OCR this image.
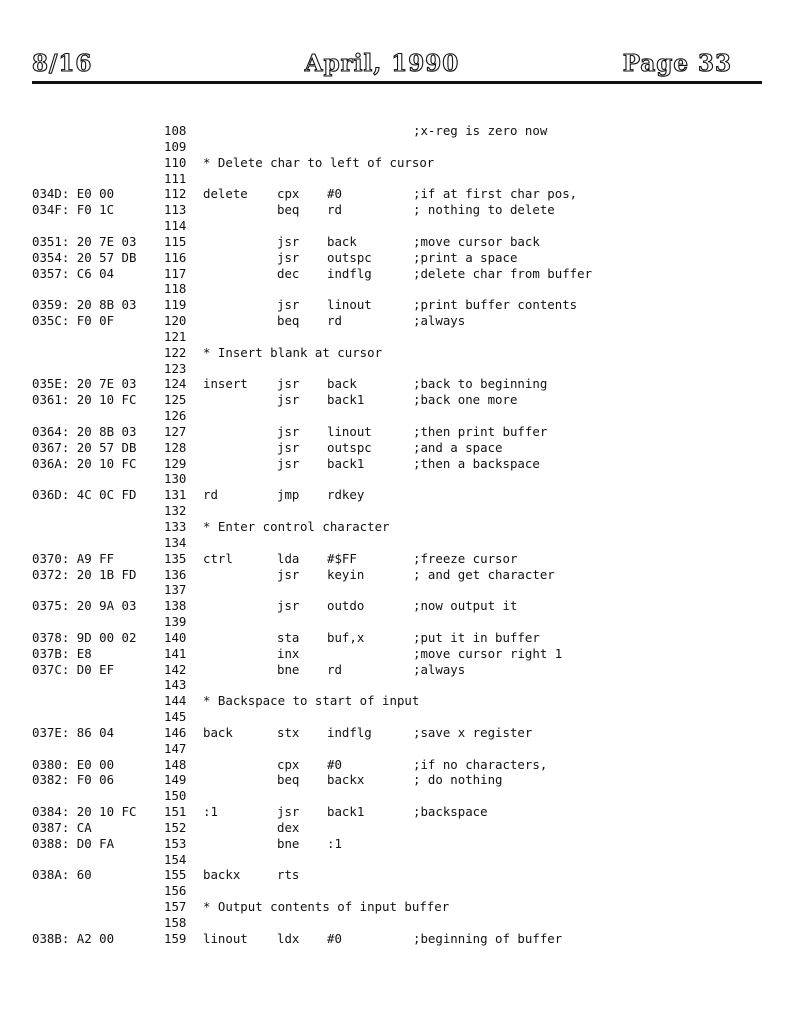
8/16	April, 1990	Page 33
108	;x-reg is zero now
109
110 * Delete char to left of cursor
111
034D: E0 00	112 delete cpx #0	;if at first char pos,
034F: F0 1C	113	beq rd	; nothing to delete
114
0351: 20 7E 03 115	jsr back	;move cursor back
0354: 20 57 DB 116	jsr outspc	;print a space
0357: C6 04	117	dec indflg	;delete char from buffer
118
0359: 20 8B 03 119	jsr linout	;print buffer contents
035C: F0 0F	120	beq rd	;always
121
122 * Insert blank at cursor
123
035E: 20 7E 03 124 insert jsr back	;back to beginning
0361: 20 10 FC 125	jsr back1	;back one more
126
0364: 20 8B 03 127	jsr linout	;then print buffer
0367: 20 57 DB 128	jsr outspc	;and a space
036A: 20 10 FC 129	jsr back1	;then a backspace
130
036D: 4C 0C FD 131 rd	jmp rdkey
132
133 * Enter control character
134
0370: A9 FF	135 ctrl	lda #$FF	;freeze cursor
0372: 20 1B FD 136	jsr keyin	; and get character
137
0375: 20 9A 03 138	jsr outdo	;now output it
139
0378: 9D 00 02 140	sta buf,x	;put it in buffer
037B: E8	141	inx	;move cursor right 1
037C: D0 EF	142	bne rd	;always
143
144 * Backspace to start of input
145
037E: 86 04	146 back	stx indflg	;save x register
147
0380: E0 00	148	cpx #0	;if no characters,
0382: F0 06	149	beq backx	; do nothing
150
0384: 20 10 FC 151 :1	jsr back1	;backspace
0387: CA	152	dex
0388: D0 FA	153	bne :1
154
038A: 60	155 backx	rts
156
157 * Output contents of input buffer
158
038B: A2 00	159 linout ldx #0	;beginning of buffer
